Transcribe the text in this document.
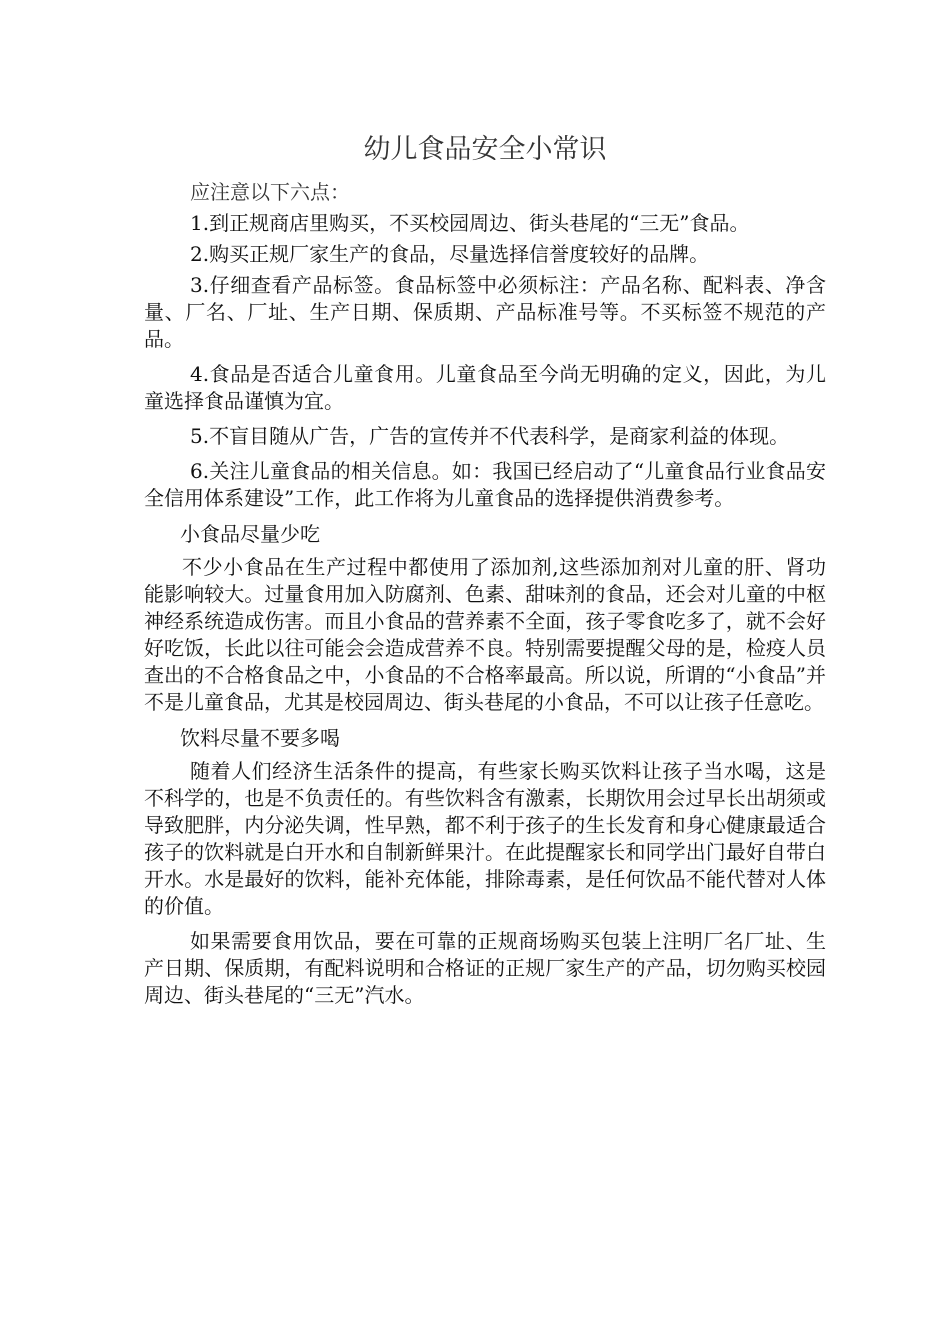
幼儿食品安全小常识

应注意以下六点：

1.到正规商店里购买，不买校园周边、街头巷尾的“三无”食品。

2.购买正规厂家生产的食品，尽量选择信誉度较好的品牌。

3.仔细查看产品标签。食品标签中必须标注：产品名称、配料表、净含量、厂名、厂址、生产日期、保质期、产品标准号等。不买标签不规范的产品。

4.食品是否适合儿童食用。儿童食品至今尚无明确的定义，因此，为儿童选择食品谨慎为宜。

5.不盲目随从广告，广告的宣传并不代表科学，是商家利益的体现。

6.关注儿童食品的相关信息。如：我国已经启动了“儿童食品行业食品安全信用体系建设”工作，此工作将为儿童食品的选择提供消费参考。

小食品尽量少吃

不少小食品在生产过程中都使用了添加剂,这些添加剂对儿童的肝、肾功能影响较大。过量食用加入防腐剂、色素、甜味剂的食品，还会对儿童的中枢神经系统造成伤害。而且小食品的营养素不全面，孩子零食吃多了，就不会好好吃饭，长此以往可能会会造成营养不良。特别需要提醒父母的是，检疫人员查出的不合格食品之中，小食品的不合格率最高。所以说，所谓的“小食品”并不是儿童食品，尤其是校园周边、街头巷尾的小食品，不可以让孩子任意吃。

饮料尽量不要多喝

随着人们经济生活条件的提高，有些家长购买饮料让孩子当水喝，这是不科学的，也是不负责任的。有些饮料含有激素，长期饮用会过早长出胡须或导致肥胖，内分泌失调，性早熟，都不利于孩子的生长发育和身心健康最适合孩子的饮料就是白开水和自制新鲜果汁。在此提醒家长和同学出门最好自带白开水。水是最好的饮料，能补充体能，排除毒素，是任何饮品不能代替对人体的价值。

如果需要食用饮品，要在可靠的正规商场购买包装上注明厂名厂址、生产日期、保质期，有配料说明和合格证的正规厂家生产的产品，切勿购买校园周边、街头巷尾的“三无”汽水。
